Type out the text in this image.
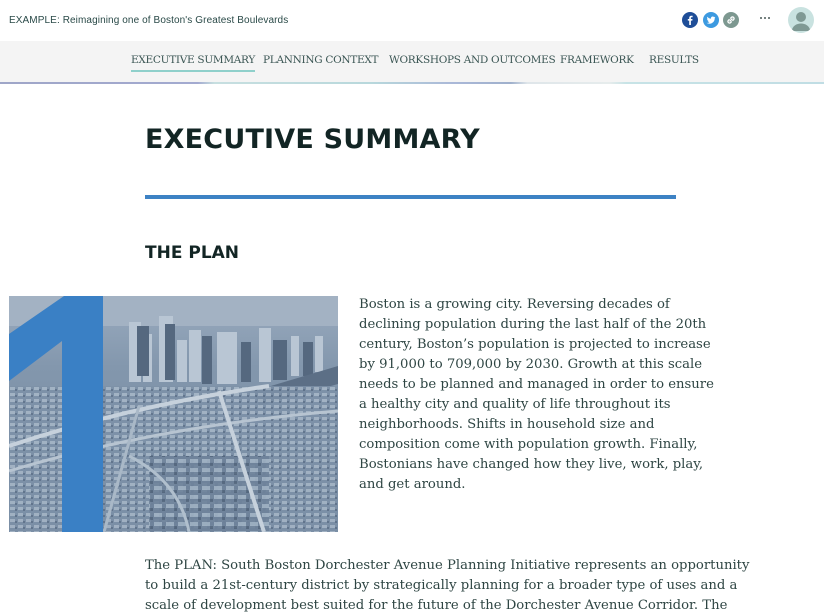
EXAMPLE: Reimagining one of Boston's Greatest Boulevards
EXECUTIVE SUMMARY PLANNING CONTEXT WORKSHOPS AND OUTCOMES FRAMEWORK RESULTS
EXECUTIVE SUMMARY
THE PLAN
Boston is a growing city. Reversing decades of
declining population during the last half of the 20th
century, Boston’s population is projected to increase
by 91,000 to 709,000 by 2030. Growth at this scale
needs to be planned and managed in order to ensure
a healthy city and quality of life throughout its
neighborhoods. Shifts in household size and
composition come with population growth. Finally,
Bostonians have changed how they live, work, play,
and get around.
The PLAN: South Boston Dorchester Avenue Planning Initiative represents an opportunity
to build a 21st-century district by strategically planning for a broader type of uses and a
scale of development best suited for the future of the Dorchester Avenue Corridor. The
